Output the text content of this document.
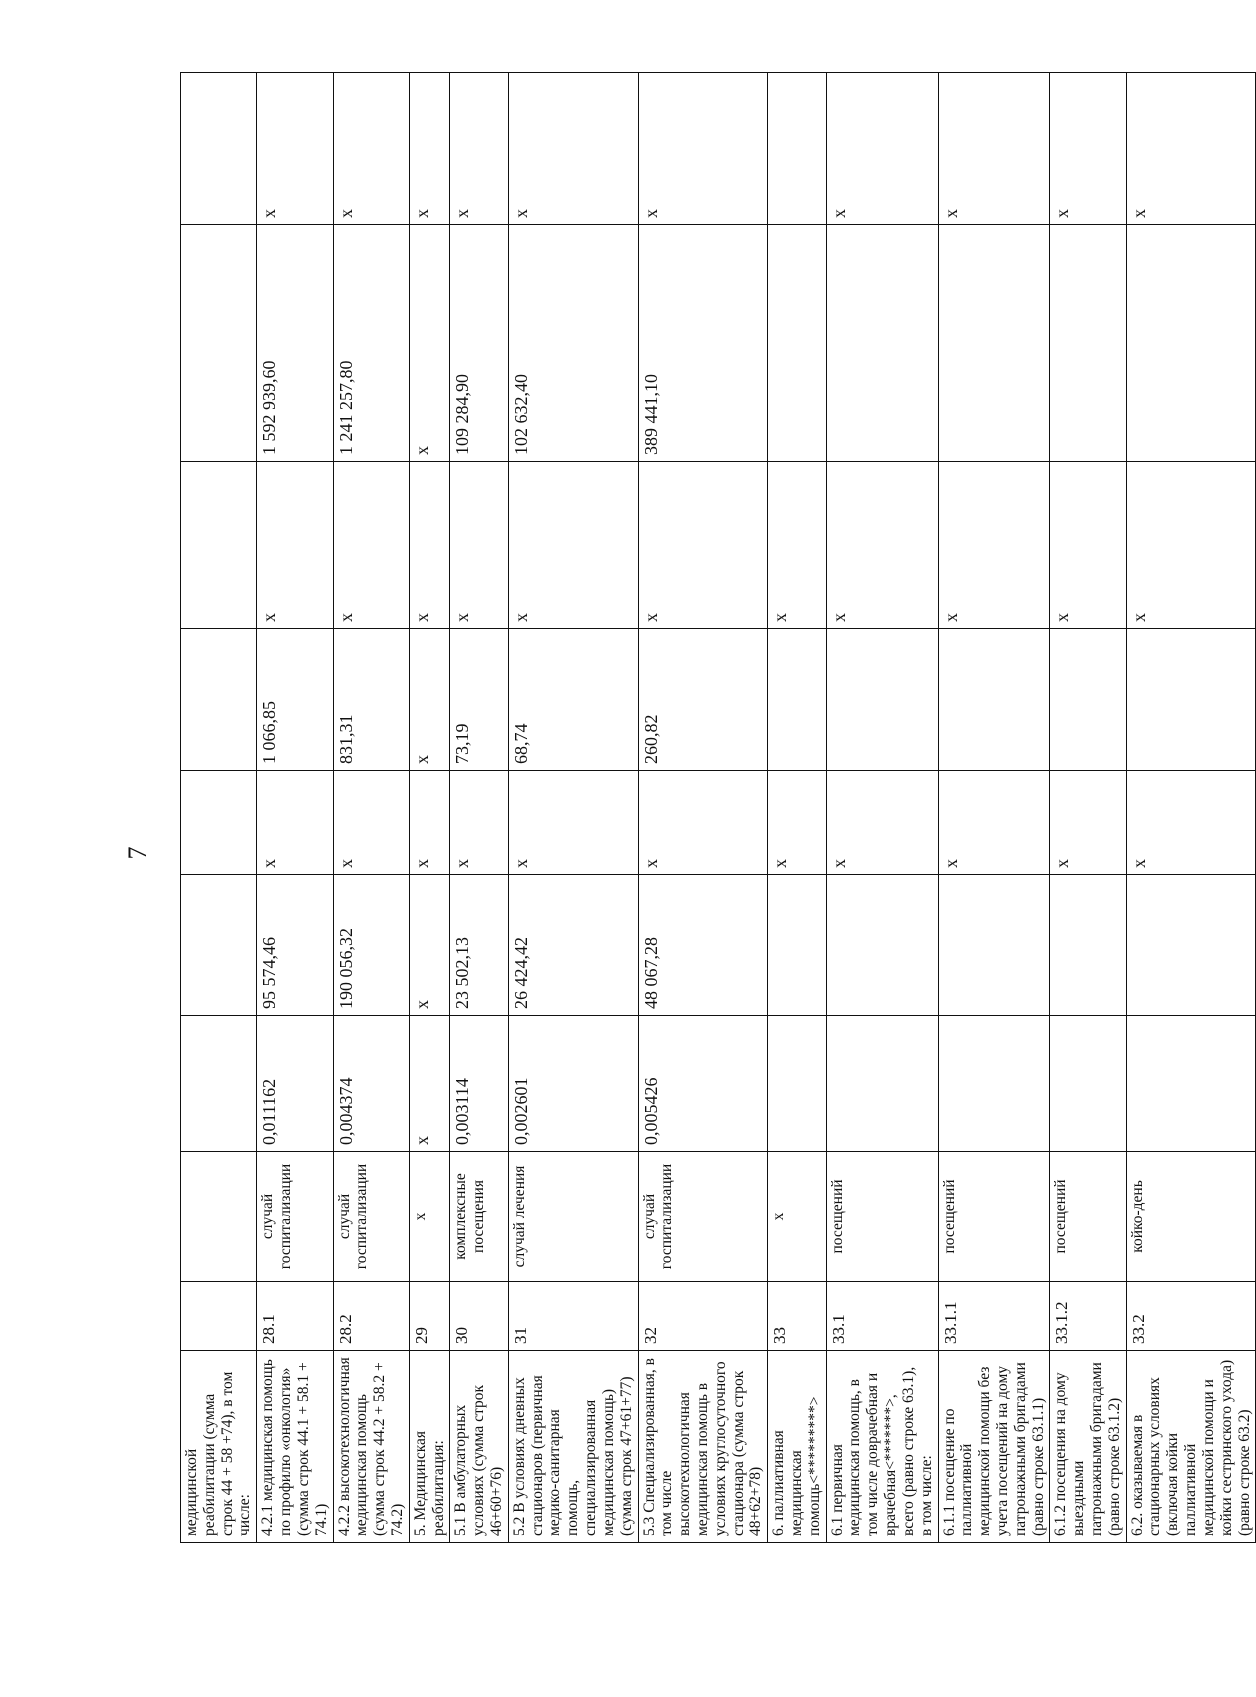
7
медицинской реабилитации (сумма строк 44 + 58 +74), в том числе:									
4.2.1 медицинская помощь по профилю «онкология» (сумма строк 44.1 + 58.1 + 74.1)	28.1	случай госпитализации	0,011162	95 574,46	х	1 066,85	х	1 592 939,60	х
4.2.2 высокотехнологичная медицинская помощь (сумма строк 44.2 + 58.2 + 74.2)	28.2	случай госпитализации	0,004374	190 056,32	х	831,31	х	1 241 257,80	х
5. Медицинская реабилитация:	29	х	х	х	х	х	х	х	х
5.1 В амбулаторных условиях (сумма строк 46+60+76)	30	комплексные посещения	0,003114	23 502,13	х	73,19	х	109 284,90	х
5.2 В условиях дневных стационаров (первичная медико-санитарная помощь, специализированная медицинская помощь) (сумма строк 47+61+77)	31	случай лечения	0,002601	26 424,42	х	68,74	х	102 632,40	х
5.3 Специализированная, в том числе высокотехнологичная медицинская помощь в условиях круглосуточного стационара (сумма строк 48+62+78)	32	случай госпитализации	0,005426	48 067,28	х	260,82	х	389 441,10	х
6. паллиативная медицинская помощь<*********>	33	х			х		х		
6.1 первичная медицинская помощь, в том числе доврачебная и врачебная<*******>, всего (равно строке 63.1), в том числе:	33.1	посещений			х		х		х
6.1.1 посещение по паллиативной медицинской помощи без учета посещений на дому патронажными бригадами (равно строке 63.1.1)	33.1.1	посещений			х		х		х
6.1.2 посещения на дому выездными патронажными бригадами (равно строке 63.1.2)	33.1.2	посещений			х		х		х
6.2. оказываемая в стационарных условиях (включая койки паллиативной медицинской помощи и койки сестринского ухода) (равно строке 63.2)	33.2	койко-день			х		х		х
